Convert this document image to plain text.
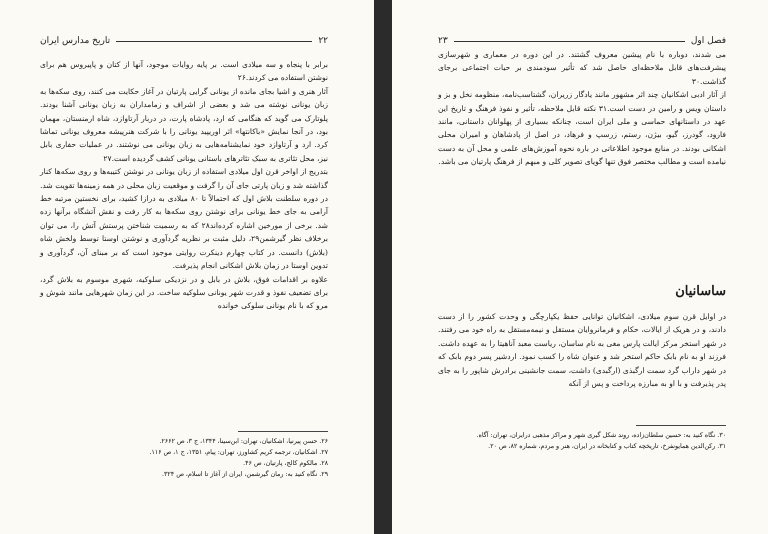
۲۲
تاریخ مدارس ایران

برابر با پنجاه و سه میلادی است. بر پایه روایات موجود، آنها از کتان و پاپیروس هم برای نوشتن استفاده می کردند.۲۶

آثار هنری و اشیا بجای مانده از یونانی گرایی پارتیان در آغاز حکایت می کنند، روی سکه‌ها به زبان یونانی نوشته می شد و بعضی از اشراف و زمامداران به زبان یونانی آشنا بودند. پلوتارک می گوید که هنگامی که ارد، پادشاه پارت، در دربار آرتاوازد، شاه ارمنستان، مهمان بود، در آنجا نمایش «باکانتها» اثر اوریپید یونانی را با شرکت هنرپیشه معروف یونانی تماشا کرد. ارد و آرتاوازد خود نمایشنامه‌هایی به زبان یونانی می نوشتند. در عملیات حفاری بابل نیز، محل تئاتری به سبک تئاترهای باستانی یونانی کشف گردیده است.۲۷

بتدریج از اواخر قرن اول میلادی استفاده از زبان یونانی در نوشتن کتیبه‌ها و روی سکه‌ها کنار گذاشته شد و زبان پارتی جای آن را گرفت و موقعیت زبان محلی در همه زمینه‌ها تقویت شد. در دوره سلطنت بلاش اول که احتمالاً تا ۸۰ میلادی به درازا کشید، برای نخستین مرتبه خط آرامی به جای خط یونانی برای نوشتن روی سکه‌ها به کار رفت و نقش آتشگاه برآنها زده شد. برخی از مورخین اشاره کرده‌اند۲۸ که به رسمیت شناختن پرستش آتش را، می توان برخلاف نظر گیرشمن۲۹، دلیل مثبت بر نظریه گردآوری و نوشتن اوستا توسط ولخش شاه (بلاش) دانست. در کتاب چهارم دینکرت روایتی موجود است که بر مبنای آن، گردآوری و تدوین اوستا در زمان بلاش اشکانی انجام پذیرفت.

علاوه بر اقدامات فوق، بلاش در بابل و در نزدیکی سلوکیه، شهری موسوم به بلاش گرد، برای تضعیف نفوذ و قدرت شهر یونانی سلوکیه ساخت. در این زمان شهرهایی مانند شوش و مرو که با نام یونانی سلوکی خوانده

۲۶. حسن پیرنیا، اشکانیان، تهران: ابن‌سینا، ۱۳۴۴، ج ۳، ص ۲۶۶۲.
۲۷. اشکانیان، ترجمه کریم کشاورز، تهران: پیام، ۱۳۵۱، ج ۱، ص ۱۱۶.
۲۸. مالکوم کالج، پارتیان، ص ۴۶.
۲۹. نگاه کنید به: رمان گیرشمن، ایران از آغاز تا اسلام، ص ۳۲۴.
فصل اول
۲۳

می شدند، دوباره با نام پیشین معروف گشتند. در این دوره در معماری و شهرسازی پیشرفت‌های قابل ملاحظه‌ای حاصل شد که تأثیر سودمندی بر حیات اجتماعی برجای گذاشت.۳۰

از آثار ادبی اشکانیان چند اثر مشهور مانند یادگار زریران، گشتاسب‌نامه، منظومه نخل و بز و داستان ویس و رامین در دست است.۳۱ نکته قابل ملاحظه، تأثیر و نفوذ فرهنگ و تاریخ این عهد در داستانهای حماسی و ملی ایران است، چنانکه بسیاری از پهلوانان داستانی، مانند فارود، گودرز، گیو، بیژن، رستم، زرسپ و فرهاد، در اصل از پادشاهان و امیران محلی اشکانی بودند. در منابع موجود اطلاعاتی در باره نحوه آموزش‌های علمی و محل آن به دست نیامده است و مطالب مختصر فوق تنها گویای تصویر کلی و مبهم از فرهنگ پارتیان می باشد.

ساسانیان

در اوایل قرن سوم میلادی، اشکانیان توانایی حفظ یکپارچگی و وحدت کشور را از دست دادند، و در هریک از ایالات، حکام و فرمانروایان مستقل و نیمه‌مستقل به راه خود می رفتند. در شهر استخر مرکز ایالت پارس مغی به نام ساسان، ریاست معبد آناهیتا را به عهده داشت. فرزند او به نام بابک حاکم استخر شد و عنوان شاه را کسب نمود. اردشیر پسر دوم بابک که در شهر داراب گرد سمت ارگبذی (ارگبدی) داشت، سمت جانشینی برادرش شاپور را به جای پدر پذیرفت و با او به مبارزه پرداخت و پس از آنکه

۳۰. نگاه کنید به: حسین سلطان‌زاده، روند شکل گیری شهر و مراکز مذهبی درایران، تهران: آگاه.
۳۱. رکن‌الدین همایونفرخ، تاریخچه کتاب و کتابخانه در ایران، هنر و مردم، شماره ۸۲، ص ۲۰.
